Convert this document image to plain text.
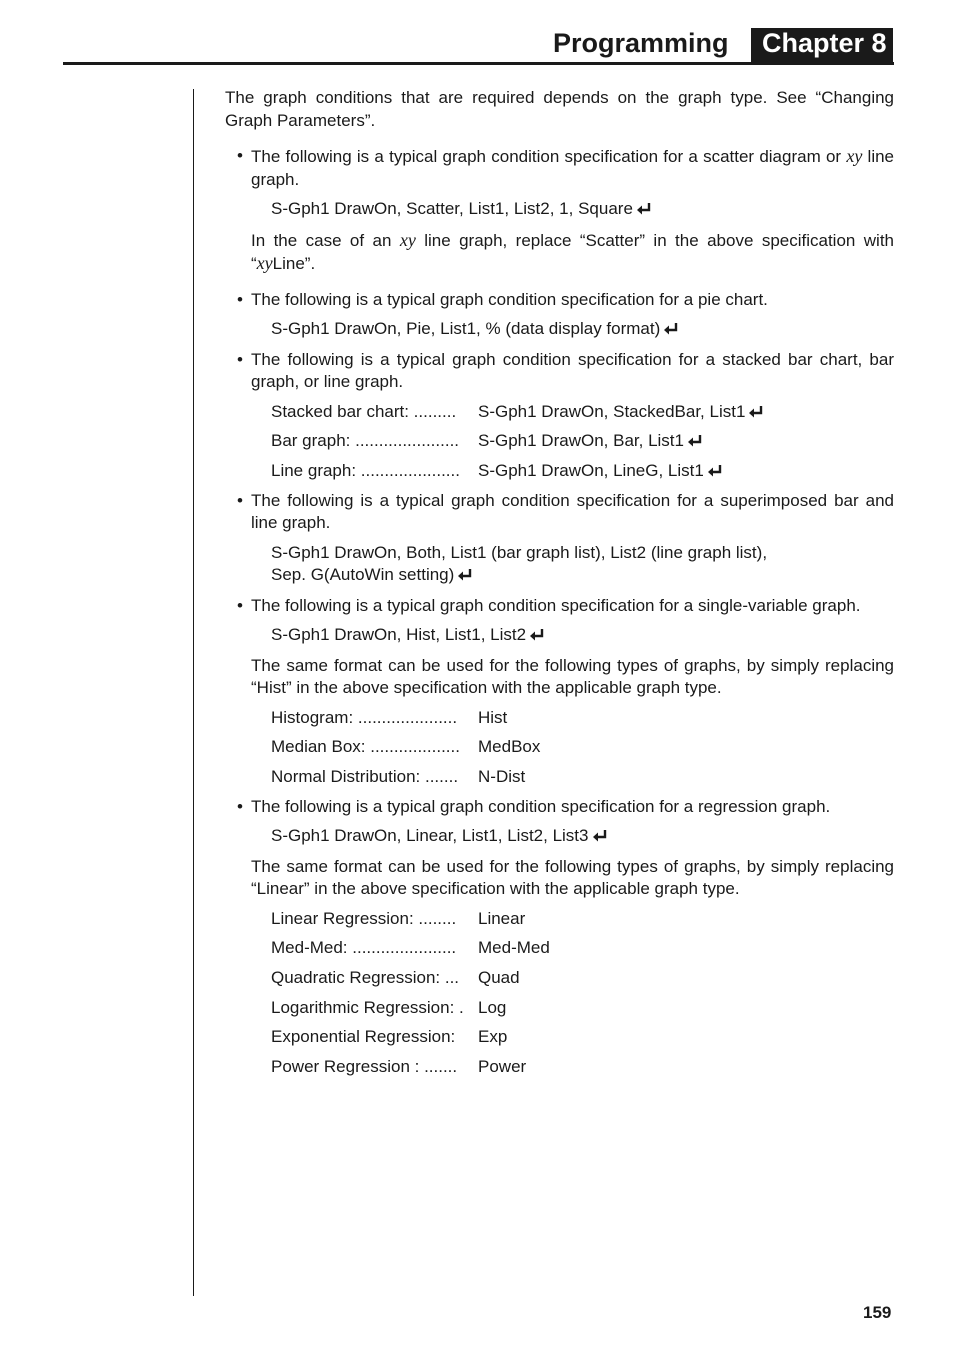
Programming	Chapter 8

The graph conditions that are required depends on the graph type. See “Changing Graph Parameters”.

• The following is a typical graph condition specification for a scatter diagram or xy line graph.

S-Gph1 DrawOn, Scatter, List1, List2, 1, Square

In the case of an xy line graph, replace “Scatter” in the above specification with “xyLine”.

• The following is a typical graph condition specification for a pie chart.

S-Gph1 DrawOn, Pie, List1, % (data display format)
• The following is a typical graph condition specification for a stacked bar chart, bar graph, or line graph.

Stacked bar chart: .........	S-Gph1 DrawOn, StackedBar, List1
Bar graph: ......................	S-Gph1 DrawOn, Bar, List1
Line graph: .....................	S-Gph1 DrawOn, LineG, List1
• The following is a typical graph condition specification for a superimposed bar and line graph.

S-Gph1 DrawOn, Both, List1 (bar graph list), List2 (line graph list),
Sep. G(AutoWin setting)
• The following is a typical graph condition specification for a single-variable graph.

S-Gph1 DrawOn, Hist, List1, List2

The same format can be used for the following types of graphs, by simply replacing “Hist” in the above specification with the applicable graph type.

Histogram: .....................	Hist
Median Box: ...................	MedBox
Normal Distribution: .......	N-Dist
• The following is a typical graph condition specification for a regression graph.

S-Gph1 DrawOn, Linear, List1, List2, List3

The same format can be used for the following types of graphs, by simply replacing “Linear” in the above specification with the applicable graph type.

Linear Regression: ........	Linear
Med-Med: ......................	Med-Med
Quadratic Regression: ...	Quad
Logarithmic Regression: . Log
Exponential Regression:	Exp
Power Regression : .......	Power
159
